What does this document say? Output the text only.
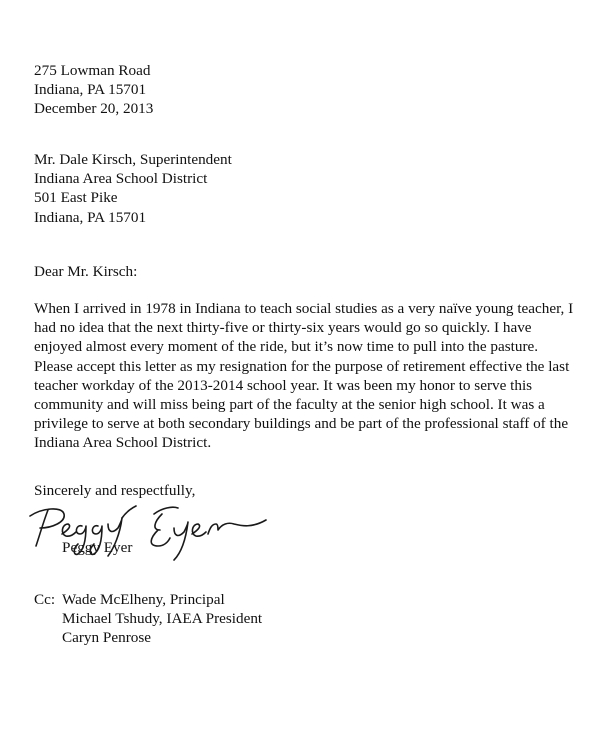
275 Lowman Road
Indiana, PA 15701
December 20, 2013
Mr. Dale Kirsch, Superintendent
Indiana Area School District
501 East Pike
Indiana, PA 15701
Dear Mr. Kirsch:
When I arrived in 1978 in Indiana to teach social studies as a very naïve young teacher, I
had no idea that the next thirty-five or thirty-six years would go so quickly. I have
enjoyed almost every moment of the ride, but it’s now time to pull into the pasture.
Please accept this letter as my resignation for the purpose of retirement effective the last
teacher workday of the 2013-2014 school year. It was been my honor to serve this
community and will miss being part of the faculty at the senior high school. It was a
privilege to serve at both secondary buildings and be part of the professional staff of the
Indiana Area School District.
Sincerely and respectfully,
Peggy Eyer
Cc: Wade McElheny, Principal
Michael Tshudy, IAEA President
Caryn Penrose
